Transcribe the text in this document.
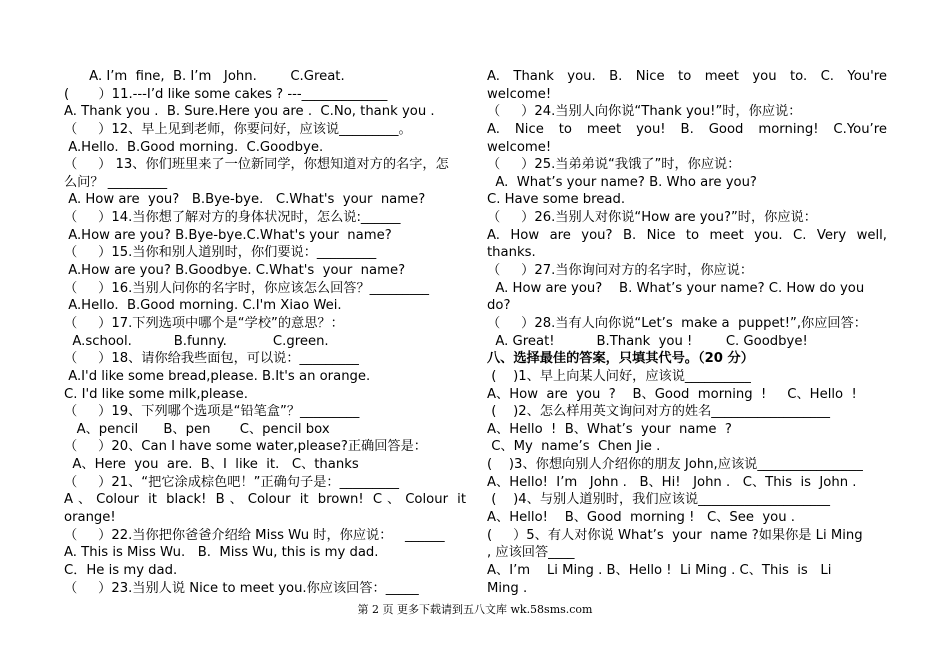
A. I’m  fine,  B. I’m   John.        C.Great.
(       ）11.---I’d like some cakes ? ---_____________
A. Thank you .  B. Sure.Here you are .  C.No, thank you .
（     ）12、早上见到老师，你要问好，应该说_________。
A.Hello.  B.Good morning.  C.Goodbye.
（     ） 13、你们班里来了一位新同学，你想知道对方的名字，怎
么问？ _________
A. How are  you?   B.Bye-bye.   C.What's  your  name?
（     ）14.当你想了解对方的身体状况时，怎么说:______
A.How are you? B.Bye-bye.C.What's your  name?
（     ）15.当你和别人道别时，你们要说：_________
A.How are you? B.Goodbye. C.What's  your  name?
（     ）16.当别人问你的名字时，你应该怎么回答？_________
A.Hello.  B.Good morning. C.I'm Xiao Wei.
（     ）17.下列选项中哪个是“学校”的意思？：
A.school.          B.funny.           C.green.
（     ）18、请你给我些面包，可以说：_________
A.I'd like some bread,please. B.It's an orange.
C. I'd like some milk,please.
（     ）19、下列哪个选项是“铅笔盒”？_________
A、pencil      B、pen       C、pencil box
（     ）20、Can I have some water,please?正确回答是：
A、Here  you  are.  B、I  like  it.   C、thanks
（     ）21、“把它涂成棕色吧！”正确句子是：_________
A、Colour it black! B、Colour it brown! C、Colour it
orange!
（     ）22.当你把你爸爸介绍给 Miss Wu 时，你应说：   ______
A. This is Miss Wu.   B.  Miss Wu, this is my dad.
C．He is my dad.
（     ）23.当别人说 Nice to meet you.你应该回答：_____
A. Thank you. B. Nice to meet you to. C. You're
welcome!
（     ）24.当别人向你说“Thank you!”时，你应说：
A. Nice to meet you! B. Good morning! C.You’re
welcome!
（     ）25.当弟弟说“我饿了”时，你应说：
A.  What’s your name? B. Who are you?
C. Have some bread.
（     ）26.当别人对你说“How are you?”时，你应说：
A. How are you? B. Nice to meet you. C. Very well,
thanks.
（     ）27.当你询问对方的名字时，你应说：
A. How are you?    B. What’s your name? C. How do you
do?
（     ）28.当有人向你说“Let’s  make a  puppet!”,你应回答：
A. Great!          B.Thank  you !        C. Goodbye!
八、选择最佳的答案，只填其代号。（20 分）
(    )1、早上向某人问好，应该说__________
A、How  are  you  ?    B、Good  morning  !     C、Hello  !
(    )2、怎么样用英文询问对方的姓名__________________
A、Hello  !  B、What’s  your  name  ?
C、My  name’s  Chen Jie .
(    )3、你想向别人介绍你的朋友 John,应该说________________
A、Hello!  I’m   John .   B、Hi!   John .   C、This  is  John .
(    )4、与别人道别时，我们应该说____________________
A、Hello!    B、Good  morning !   C、See  you .
(     ）5、有人对你说 What’s  your  name ?如果你是 Li Ming
, 应该回答____
A、I’m    Li Ming . B、Hello !  Li Ming . C、This  is   Li
Ming .
第 2 页 更多下载请到五八文库 wk.58sms.com
